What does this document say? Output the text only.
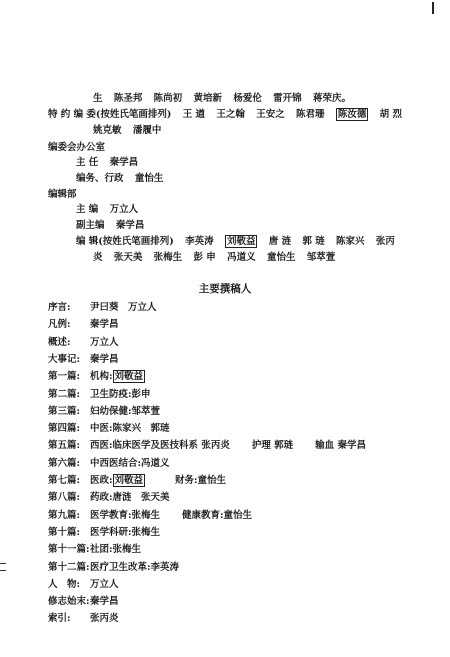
生 陈圣邦 陈尚初 黄培新 杨爱伦 雷开锦 蒋荣庆。
特 约 编 委(按姓氏笔画排列) 王 遒 王之翰 王安之 陈君珊 陈汝德 胡 烈
姚克敏 潘履中
编委会办公室
主 任 秦学昌
编务、行政 童怡生
编辑部
主 编 万立人
副主编 秦学昌
编 辑(按姓氏笔画排列) 李英涛 刘敬益 唐 涟 郭 琏 陈家兴 张丙
炎 张天美 张梅生 彭 申 冯道义 童怡生 邹萃萱
主要撰稿人
序言: 尹曰葵　万立人
凡例: 秦学昌
概述: 万立人
大事记: 秦学昌
第一篇: 机构: 刘敬益
第二篇: 卫生防疫:彭申
第三篇: 妇幼保健:邹萃萱
第四篇: 中医:陈家兴　郭琏
第五篇: 西医:临床医学及医技科系 张丙炎 护理 郭琏 输血 秦学昌
第六篇: 中西医结合:冯道义
第七篇: 医政: 刘敬益	财务:童怡生
第八篇: 药政:唐涟　张天美
第九篇: 医学教育:张梅生 健康教育:童怡生
第十篇: 医学科研:张梅生
第十一篇:社团:张梅生
第十二篇:医疗卫生改革:李英涛
人　物: 万立人
修志始末:秦学昌
索引: 张丙炎
